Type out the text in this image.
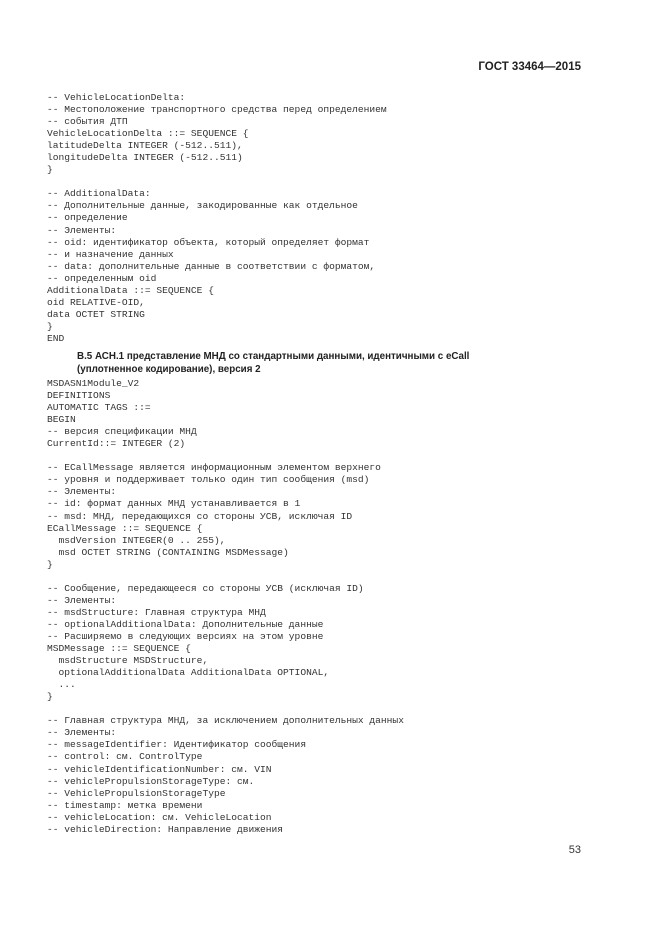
ГОСТ 33464—2015
-- VehicleLocationDelta:
-- Местоположение транспортного средства перед определением
-- события ДТП
VehicleLocationDelta ::= SEQUENCE {
latitudeDelta INTEGER (-512..511),
longitudeDelta INTEGER (-512..511)
}
-- AdditionalData:
-- Дополнительные данные, закодированные как отдельное
-- определение
-- Элементы:
-- oid: идентификатор объекта, который определяет формат
-- и назначение данных
-- data: дополнительные данные в соответствии с форматом,
-- определенным oid
AdditionalData ::= SEQUENCE {
oid RELATIVE-OID,
data OCTET STRING
}
END
В.5 АСН.1 представление МНД со стандартными данными, идентичными с eCall
(уплотненное кодирование), версия 2
MSDASN1Module_V2
DEFINITIONS
AUTOMATIC TAGS ::=
BEGIN
-- версия спецификации МНД
CurrentId::= INTEGER (2)
-- ECallMessage является информационным элементом верхнего
-- уровня и поддерживает только один тип сообщения (msd)
-- Элементы:
-- id: формат данных МНД устанавливается в 1
-- msd: МНД, передающихся со стороны УСВ, исключая ID
ECallMessage ::= SEQUENCE {
msdVersion INTEGER(0 .. 255),
msd OCTET STRING (CONTAINING MSDMessage)
}
-- Сообщение, передающееся со стороны УСВ (исключая ID)
-- Элементы:
-- msdStructure: Главная структура МНД
-- optionalAdditionalData: Дополнительные данные
-- Расширяемо в следующих версиях на этом уровне
MSDMessage ::= SEQUENCE {
msdStructure MSDStructure,
optionalAdditionalData AdditionalData OPTIONAL,
...
}
-- Главная структура МНД, за исключением дополнительных данных
-- Элементы:
-- messageIdentifier: Идентификатор сообщения
-- control: см. ControlType
-- vehicleIdentificationNumber: см. VIN
-- vehiclePropulsionStorageType: см.
-- VehiclePropulsionStorageType
-- timestamp: метка времени
-- vehicleLocation: см. VehicleLocation
-- vehicleDirection: Направление движения
53
